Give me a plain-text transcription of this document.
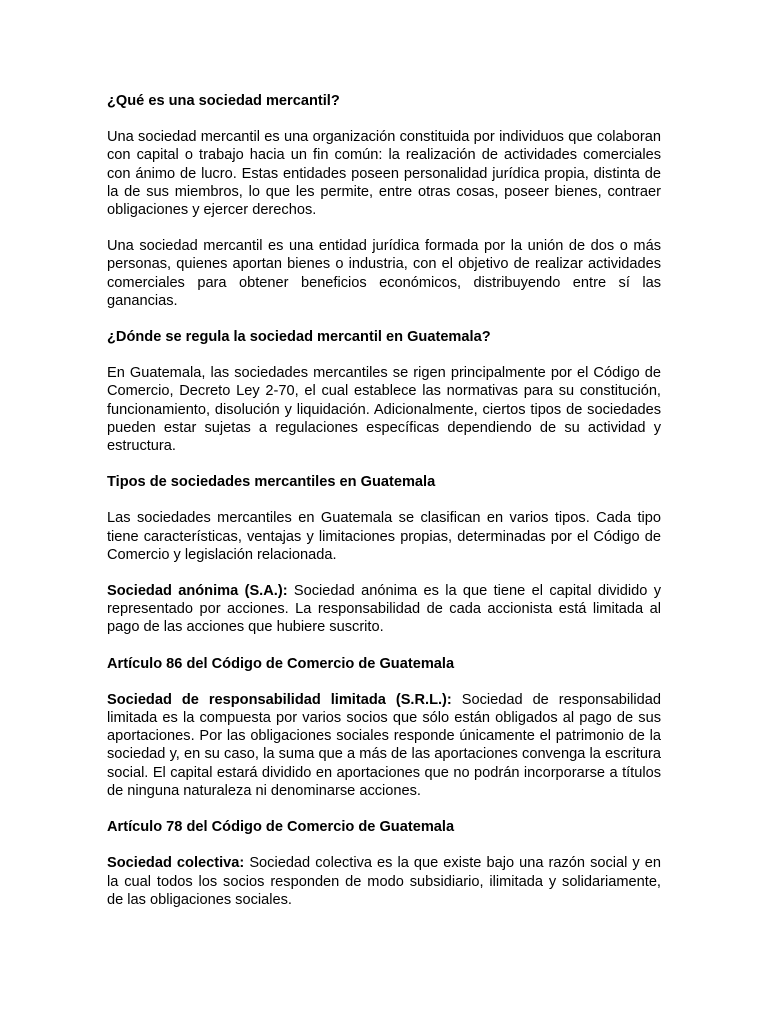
¿Qué es una sociedad mercantil?
Una sociedad mercantil es una organización constituida por individuos que colaboran con capital o trabajo hacia un fin común: la realización de actividades comerciales con ánimo de lucro. Estas entidades poseen personalidad jurídica propia, distinta de la de sus miembros, lo que les permite, entre otras cosas, poseer bienes, contraer obligaciones y ejercer derechos.
Una sociedad mercantil es una entidad jurídica formada por la unión de dos o más personas, quienes aportan bienes o industria, con el objetivo de realizar actividades comerciales para obtener beneficios económicos, distribuyendo entre sí las ganancias.
¿Dónde se regula la sociedad mercantil en Guatemala?
En Guatemala, las sociedades mercantiles se rigen principalmente por el Código de Comercio, Decreto Ley 2-70, el cual establece las normativas para su constitución, funcionamiento, disolución y liquidación. Adicionalmente, ciertos tipos de sociedades pueden estar sujetas a regulaciones específicas dependiendo de su actividad y estructura.
Tipos de sociedades mercantiles en Guatemala
Las sociedades mercantiles en Guatemala se clasifican en varios tipos. Cada tipo tiene características, ventajas y limitaciones propias, determinadas por el Código de Comercio y legislación relacionada.
Sociedad anónima (S.A.): Sociedad anónima es la que tiene el capital dividido y representado por acciones. La responsabilidad de cada accionista está limitada al pago de las acciones que hubiere suscrito.
Artículo 86 del Código de Comercio de Guatemala
Sociedad de responsabilidad limitada (S.R.L.): Sociedad de responsabilidad limitada es la compuesta por varios socios que sólo están obligados al pago de sus aportaciones. Por las obligaciones sociales responde únicamente el patrimonio de la sociedad y, en su caso, la suma que a más de las aportaciones convenga la escritura social. El capital estará dividido en aportaciones que no podrán incorporarse a títulos de ninguna naturaleza ni denominarse acciones.
Artículo 78 del Código de Comercio de Guatemala
Sociedad colectiva: Sociedad colectiva es la que existe bajo una razón social y en la cual todos los socios responden de modo subsidiario, ilimitada y solidariamente, de las obligaciones sociales.
